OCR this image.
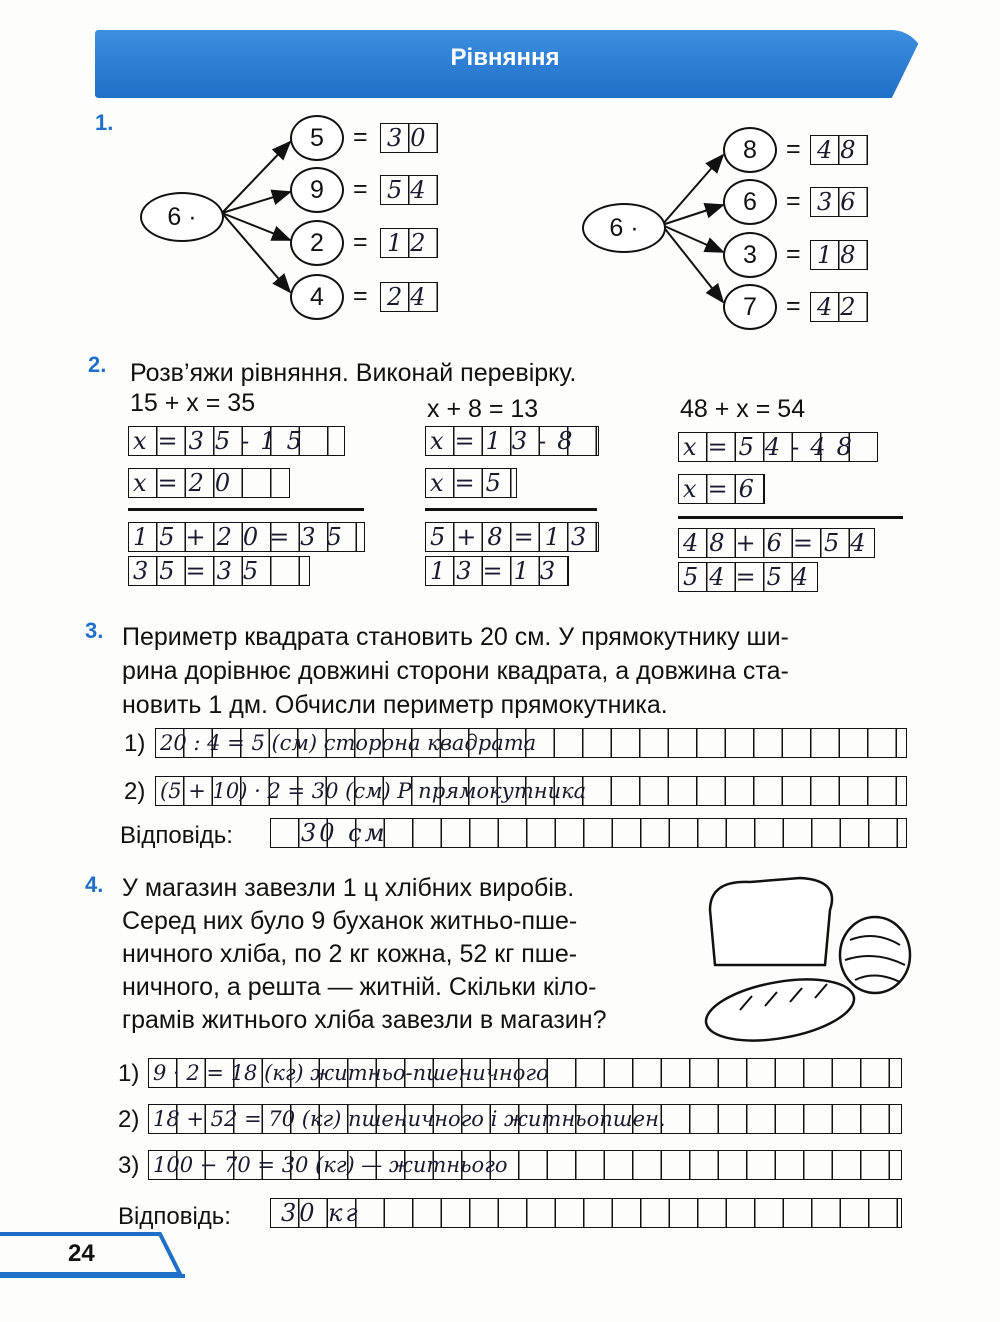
Рівняння
1.
6 ·	6 ·
2. Розв’яжи рівняння. Виконай перевірку.
3. Периметр квадрата становить 20 см. У прямокутнику ши-
рина дорівнює довжині сторони квадрата, а довжина ста-
новить 1 дм. Обчисли периметр прямокутника.
1) 20 : 4 = 5 (см) сторона квадрата
2) (5 + 10) · 2 = 30 (см) P прямокутника
Відповідь:	30 см
4. У магазин завезли 1 ц хлібних виробів.
Серед них було 9 буханок житньо-пше-
ничного хліба, по 2 кг кожна, 52 кг пше-
ничного, а решта — житній. Скільки кіло-
грамів житнього хліба завезли в магазин?
Відповідь:	30 кг
24
5	= 30
9	= 54
2	= 12
4	= 24
8	= 48
6	= 36
3	= 18
7	= 42
15 + x = 35
x=35-15
x=20
15+20=35
35=35
x + 8 = 13
x=13-8
x=5
5+8=13
13=13
48 + x = 54
x=54-48
x=6
48+6=54
54=54
1) 9 · 2 = 18 (кг) житньо-пшеничного
2) 18 + 52 = 70 (кг) пшеничного і житньопшен.
3) 100 − 70 = 30 (кг) — житнього
